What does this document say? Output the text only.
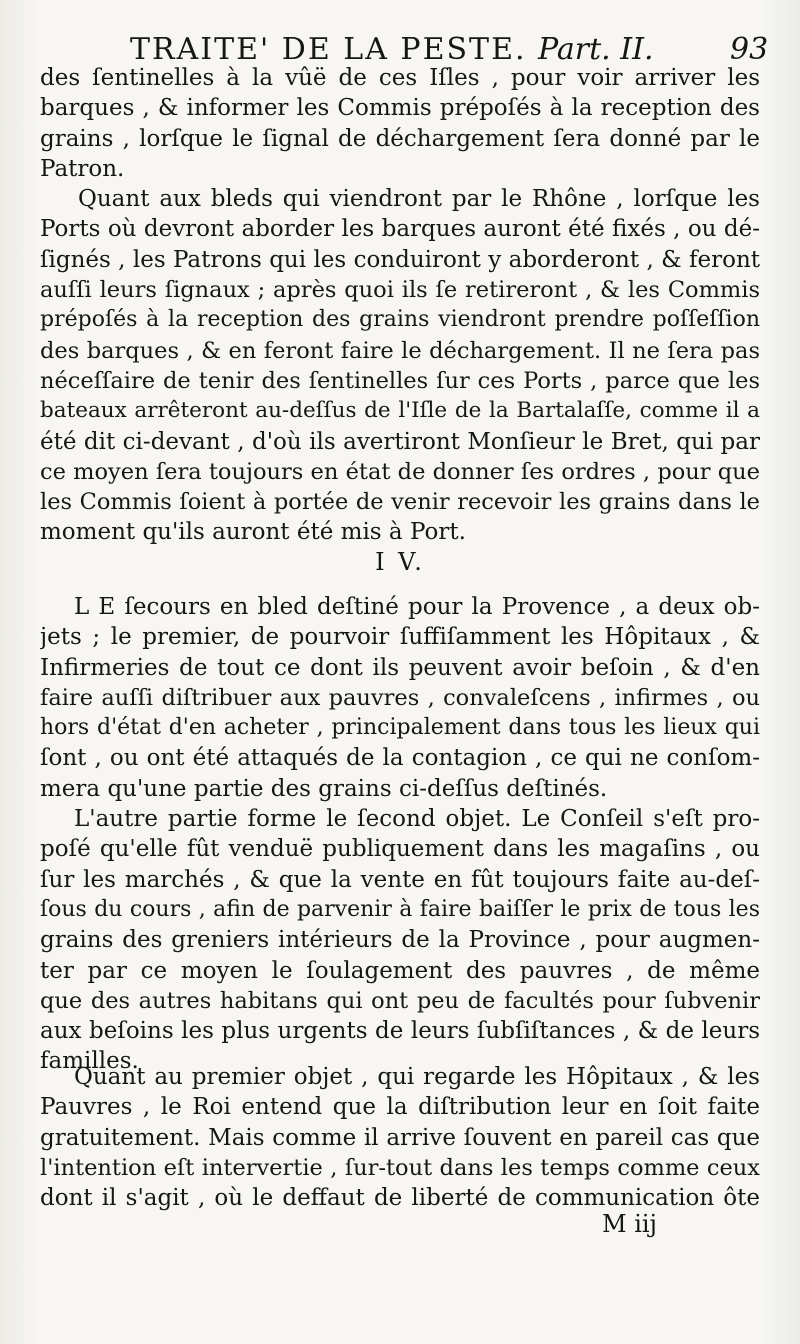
TRAITE' DE LA PESTE. Part. II.	93
des ſentinelles à la vûë de ces Iſles , pour voir arriver les
barques , & informer les Commis prépoſés à la reception des
grains , lorſque le ſignal de déchargement ſera donné par le
Patron.
Quant aux bleds qui viendront par le Rhône , lorſque les
Ports où devront aborder les barques auront été fixés , ou dé-
ſignés , les Patrons qui les conduiront y aborderont , & feront
auſſi leurs ſignaux ; après quoi ils ſe retireront , & les Commis
prépoſés à la reception des grains viendront prendre poſſeſſion
des barques , & en feront faire le déchargement. Il ne ſera pas
néceſſaire de tenir des ſentinelles ſur ces Ports , parce que les
bateaux arrêteront au-deſſus de l'Iſle de la Bartalaſſe, comme il a
été dit ci-devant , d'où ils avertiront Monſieur le Bret, qui par
ce moyen ſera toujours en état de donner ſes ordres , pour que
les Commis ſoient à portée de venir recevoir les grains dans le
moment qu'ils auront été mis à Port.
I V.
L E ſecours en bled deſtiné pour la Provence , a deux ob-
jets ; le premier, de pourvoir ſuffiſamment les Hôpitaux , &
Infirmeries de tout ce dont ils peuvent avoir beſoin , & d'en
faire auſſi diſtribuer aux pauvres , convaleſcens , infirmes , ou
hors d'état d'en acheter , principalement dans tous les lieux qui
ſont , ou ont été attaqués de la contagion , ce qui ne conſom-
mera qu'une partie des grains ci-deſſus deſtinés.
L'autre partie forme le ſecond objet. Le Conſeil s'eſt pro-
poſé qu'elle fût venduë publiquement dans les magaſins , ou
ſur les marchés , & que la vente en fût toujours faite au-deſ-
ſous du cours , afin de parvenir à faire baiſſer le prix de tous les
grains des greniers intérieurs de la Province , pour augmen-
ter par ce moyen le ſoulagement des pauvres , de même
que des autres habitans qui ont peu de facultés pour ſubvenir
aux beſoins les plus urgents de leurs ſubſiſtances , & de leurs
familles.
Quant au premier objet , qui regarde les Hôpitaux , & les
Pauvres , le Roi entend que la diſtribution leur en ſoit faite
gratuitement. Mais comme il arrive ſouvent en pareil cas que
l'intention eſt intervertie , ſur-tout dans les temps comme ceux
dont il s'agit , où le deffaut de liberté de communication ôte
M iij
